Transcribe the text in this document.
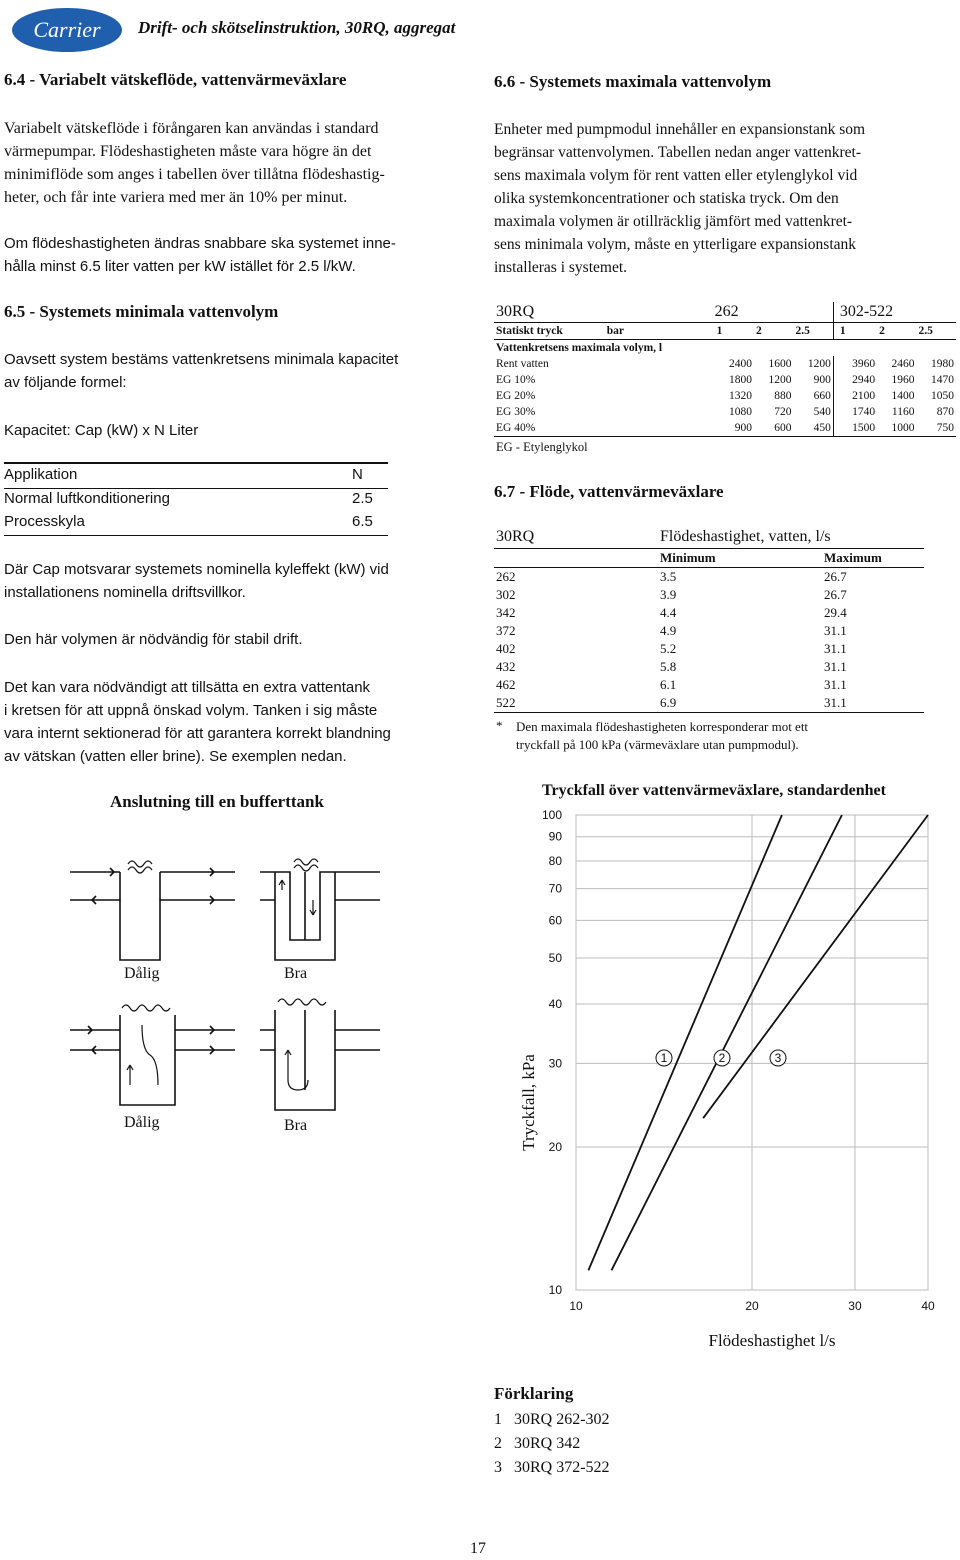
Carrier Drift- och skötselinstruktion, 30RQ, aggregat
6.4 - Variabelt vätskeflöde, vattenvärmeväxlare
Variabelt vätskeflöde i förångaren kan användas i standard
värmepumpar. Flödeshastigheten måste vara högre än det
minimiflöde som anges i tabellen över tillåtna flödeshastig-
heter, och får inte variera med mer än 10% per minut.
Om flödeshastigheten ändras snabbare ska systemet inne-
hålla minst 6.5 liter vatten per kW istället för 2.5 l/kW.
6.5 - Systemets minimala vattenvolym
Oavsett system bestäms vattenkretsens minimala kapacitet
av följande formel:
Kapacitet: Cap (kW) x N Liter
Applikation	N
Normal luftkonditionering	2.5
Processkyla	6.5
Där Cap motsvarar systemets nominella kyleffekt (kW) vid
installationens nominella driftsvillkor.
Den här volymen är nödvändig för stabil drift.
Det kan vara nödvändigt att tillsätta en extra vattentank
i kretsen för att uppnå önskad volym. Tanken i sig måste
vara internt sektionerad för att garantera korrekt blandning
av vätskan (vatten eller brine). Se exemplen nedan.
Anslutning till en bufferttank
Dålig	Bra
Dålig	Bra
6.6 - Systemets maximala vattenvolym
Enheter med pumpmodul innehåller en expansionstank som
begränsar vattenvolymen. Tabellen nedan anger vattenkret-
sens maximala volym för rent vatten eller etylenglykol vid
olika systemkoncentrationer och statiska tryck. Om den
maximala volymen är otillräcklig jämfört med vattenkret-
sens minimala volym, måste en ytterligare expansionstank
installeras i systemet.
30RQ		262			302-522		
Statiskt tryck	bar	1	2	2.5	1	2	2.5
Vattenkretsens maximala volym, l							
Rent vatten		2400	1600	1200	3960	2460	1980
EG 10%		1800	1200	900	2940	1960	1470
EG 20%		1320	880	660	2100	1400	1050
EG 30%		1080	720	540	1740	1160	870
EG 40%		900	600	450	1500	1000	750
EG - Etylenglykol							
6.7 - Flöde, vattenvärmeväxlare
30RQ	Flödeshastighet, vatten, l/s	
	Minimum	Maximum
262	3.5	26.7
302	3.9	26.7
342	4.4	29.4
372	4.9	31.1
402	5.2	31.1
432	5.8	31.1
462	6.1	31.1
522	6.9	31.1
* Den maximala flödeshastigheten korresponderar mot ett
tryckfall på 100 kPa (värmeväxlare utan pumpmodul).
Tryckfall över vattenvärmeväxlare, standardenhet
Tryckfall, kPa
Flödeshastighet l/s
1	2	3
10	20	30	40
10
20
30
40
50
60
70
80
90
100
Förklaring
1 30RQ 262-302
2 30RQ 342
3 30RQ 372-522
17
